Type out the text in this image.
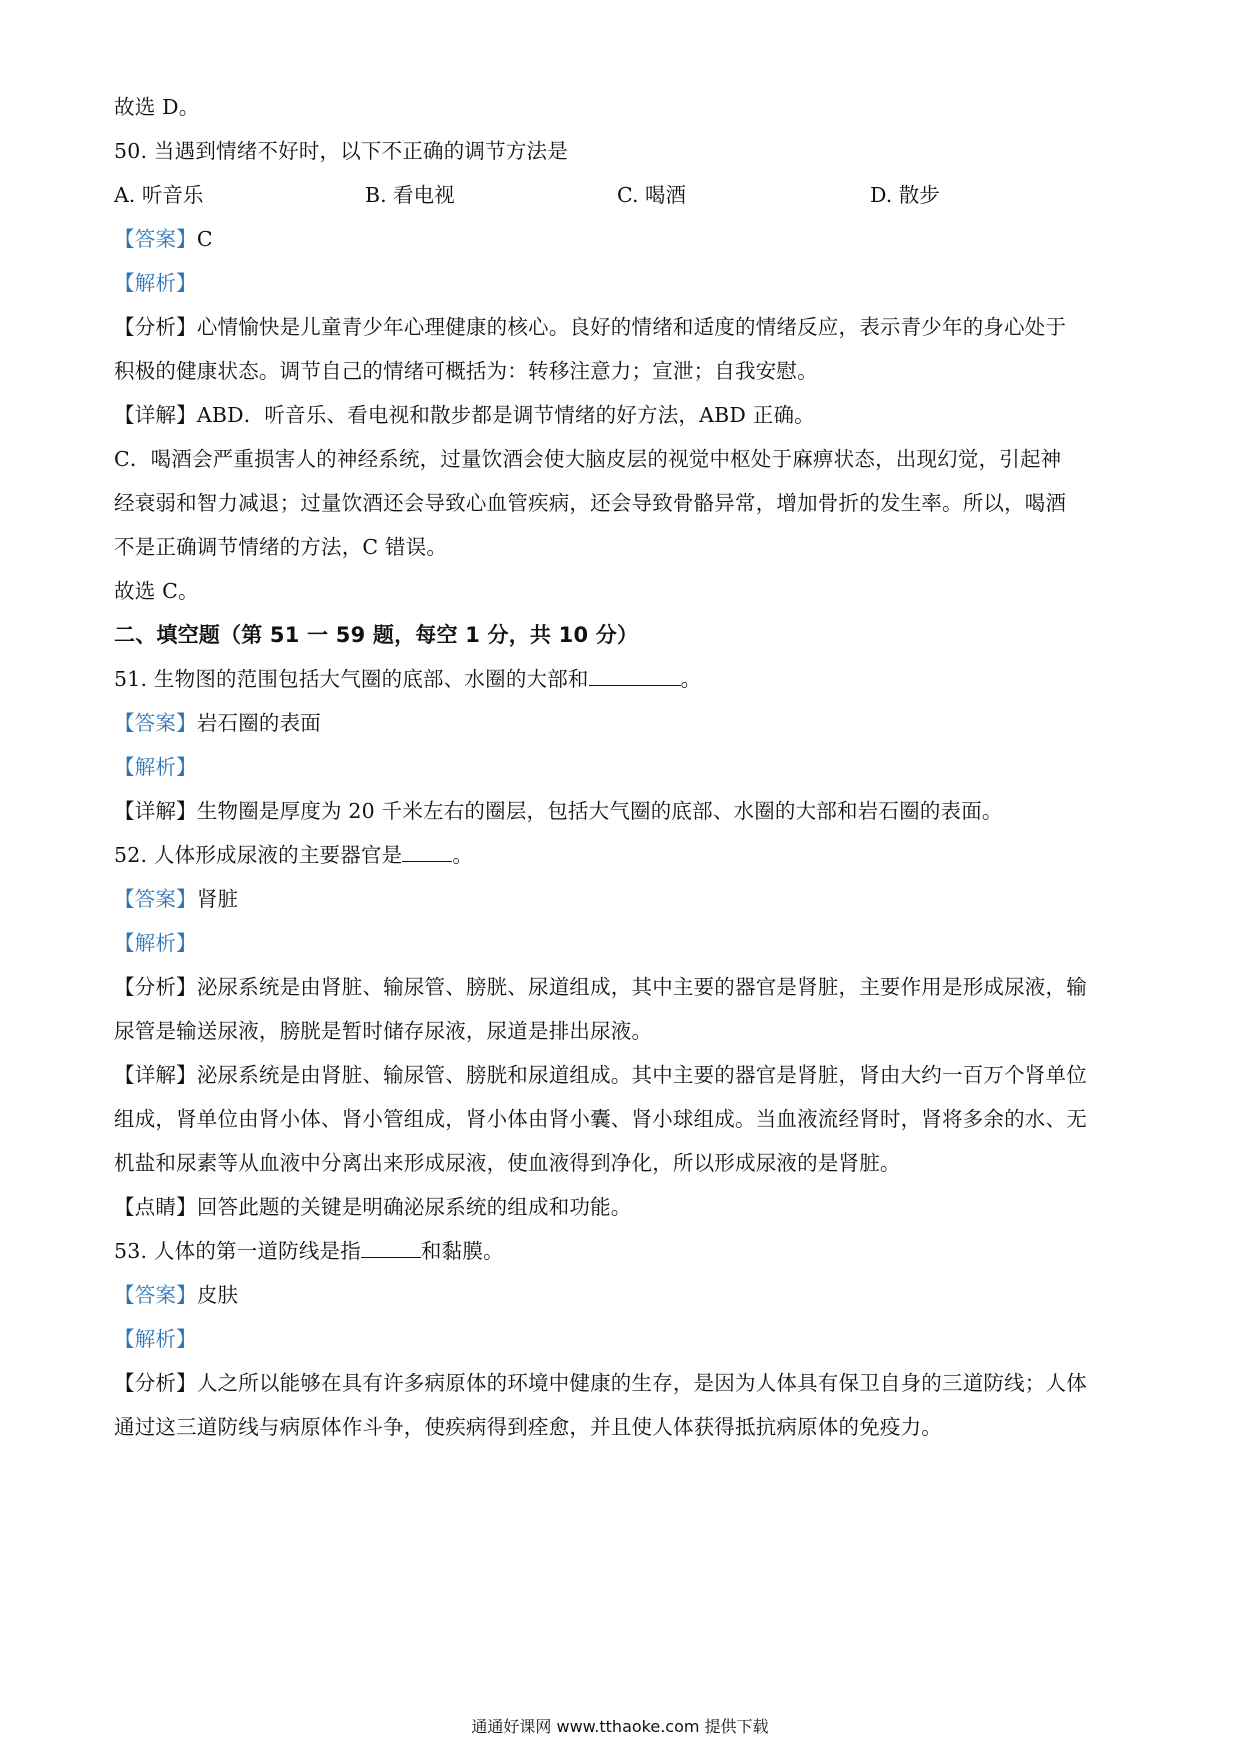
故选 D。
50. 当遇到情绪不好时，以下不正确的调节方法是
A. 听音乐	B. 看电视	C. 喝酒	D. 散步
【答案】C
【解析】
【分析】心情愉快是儿童青少年心理健康的核心。良好的情绪和适度的情绪反应，表示青少年的身心处于
积极的健康状态。调节自己的情绪可概括为：转移注意力；宣泄；自我安慰。
【详解】ABD．听音乐、看电视和散步都是调节情绪的好方法，ABD 正确。
C．喝酒会严重损害人的神经系统，过量饮酒会使大脑皮层的视觉中枢处于麻痹状态，出现幻觉，引起神
经衰弱和智力减退；过量饮酒还会导致心血管疾病，还会导致骨骼异常，增加骨折的发生率。所以，喝酒
不是正确调节情绪的方法，C 错误。
故选 C。
二、填空题（第 51 一 59 题，每空 1 分，共 10 分）
51. 生物图的范围包括大气圈的底部、水圈的大部和	。
【答案】岩石圈的表面
【解析】
【详解】生物圈是厚度为 20 千米左右的圈层，包括大气圈的底部、水圈的大部和岩石圈的表面。
52. 人体形成尿液的主要器官是 。
【答案】肾脏
【解析】
【分析】泌尿系统是由肾脏、输尿管、膀胱、尿道组成，其中主要的器官是肾脏，主要作用是形成尿液，输
尿管是输送尿液，膀胱是暂时储存尿液，尿道是排出尿液。
【详解】泌尿系统是由肾脏、输尿管、膀胱和尿道组成。其中主要的器官是肾脏，肾由大约一百万个肾单位
组成，肾单位由肾小体、肾小管组成，肾小体由肾小囊、肾小球组成。当血液流经肾时，肾将多余的水、无
机盐和尿素等从血液中分离出来形成尿液，使血液得到净化，所以形成尿液的是肾脏。
【点睛】回答此题的关键是明确泌尿系统的组成和功能。
53. 人体的第一道防线是指	和黏膜。
【答案】皮肤
【解析】
【分析】人之所以能够在具有许多病原体的环境中健康的生存，是因为人体具有保卫自身的三道防线；人体
通过这三道防线与病原体作斗争，使疾病得到痊愈，并且使人体获得抵抗病原体的免疫力。
通通好课网 www.tthaoke.com 提供下载
